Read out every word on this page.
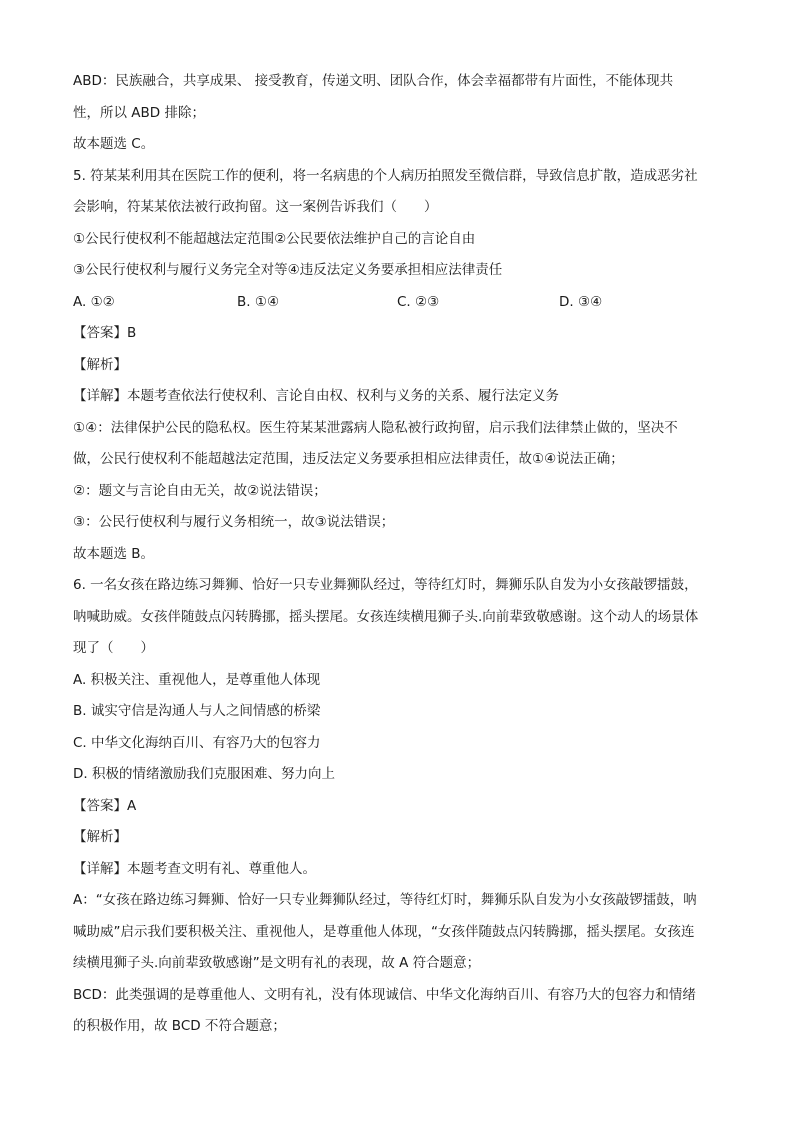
ABD：民族融合，共享成果、 接受教育，传递文明、团队合作，体会幸福都带有片面性，不能体现共
性，所以 ABD 排除；
故本题选 C。
5. 符某某利用其在医院工作的便利，将一名病患的个人病历拍照发至微信群，导致信息扩散，造成恶劣社
会影响，符某某依法被行政拘留。这一案例告诉我们（　　）
①公民行使权利不能超越法定范围②公民要依法维护自己的言论自由
③公民行使权利与履行义务完全对等④违反法定义务要承担相应法律责任
A. ①②	B. ①④	C. ②③	D. ③④
【答案】B
【解析】
【详解】本题考查依法行使权利、言论自由权、权利与义务的关系、履行法定义务
①④：法律保护公民的隐私权。医生符某某泄露病人隐私被行政拘留，启示我们法律禁止做的，坚决不
做，公民行使权利不能超越法定范围，违反法定义务要承担相应法律责任，故①④说法正确；
②：题文与言论自由无关，故②说法错误；
③：公民行使权利与履行义务相统一，故③说法错误；
故本题选 B。
6. 一名女孩在路边练习舞狮、恰好一只专业舞狮队经过，等待红灯时，舞狮乐队自发为小女孩敲锣擂鼓，
呐喊助威。女孩伴随鼓点闪转腾挪，摇头摆尾。女孩连续横甩狮子头.向前辈致敬感谢。这个动人的场景体
现了（　　）
A. 积极关注、重视他人，是尊重他人体现
B. 诚实守信是沟通人与人之间情感的桥梁
C. 中华文化海纳百川、有容乃大的包容力
D. 积极的情绪激励我们克服困难、努力向上
【答案】A
【解析】
【详解】本题考查文明有礼、尊重他人。
A：“女孩在路边练习舞狮、恰好一只专业舞狮队经过，等待红灯时，舞狮乐队自发为小女孩敲锣擂鼓，呐
喊助威”启示我们要积极关注、重视他人，是尊重他人体现，“女孩伴随鼓点闪转腾挪，摇头摆尾。女孩连
续横甩狮子头.向前辈致敬感谢”是文明有礼的表现，故 A 符合题意；
BCD：此类强调的是尊重他人、文明有礼，没有体现诚信、中华文化海纳百川、有容乃大的包容力和情绪
的积极作用，故 BCD 不符合题意；
